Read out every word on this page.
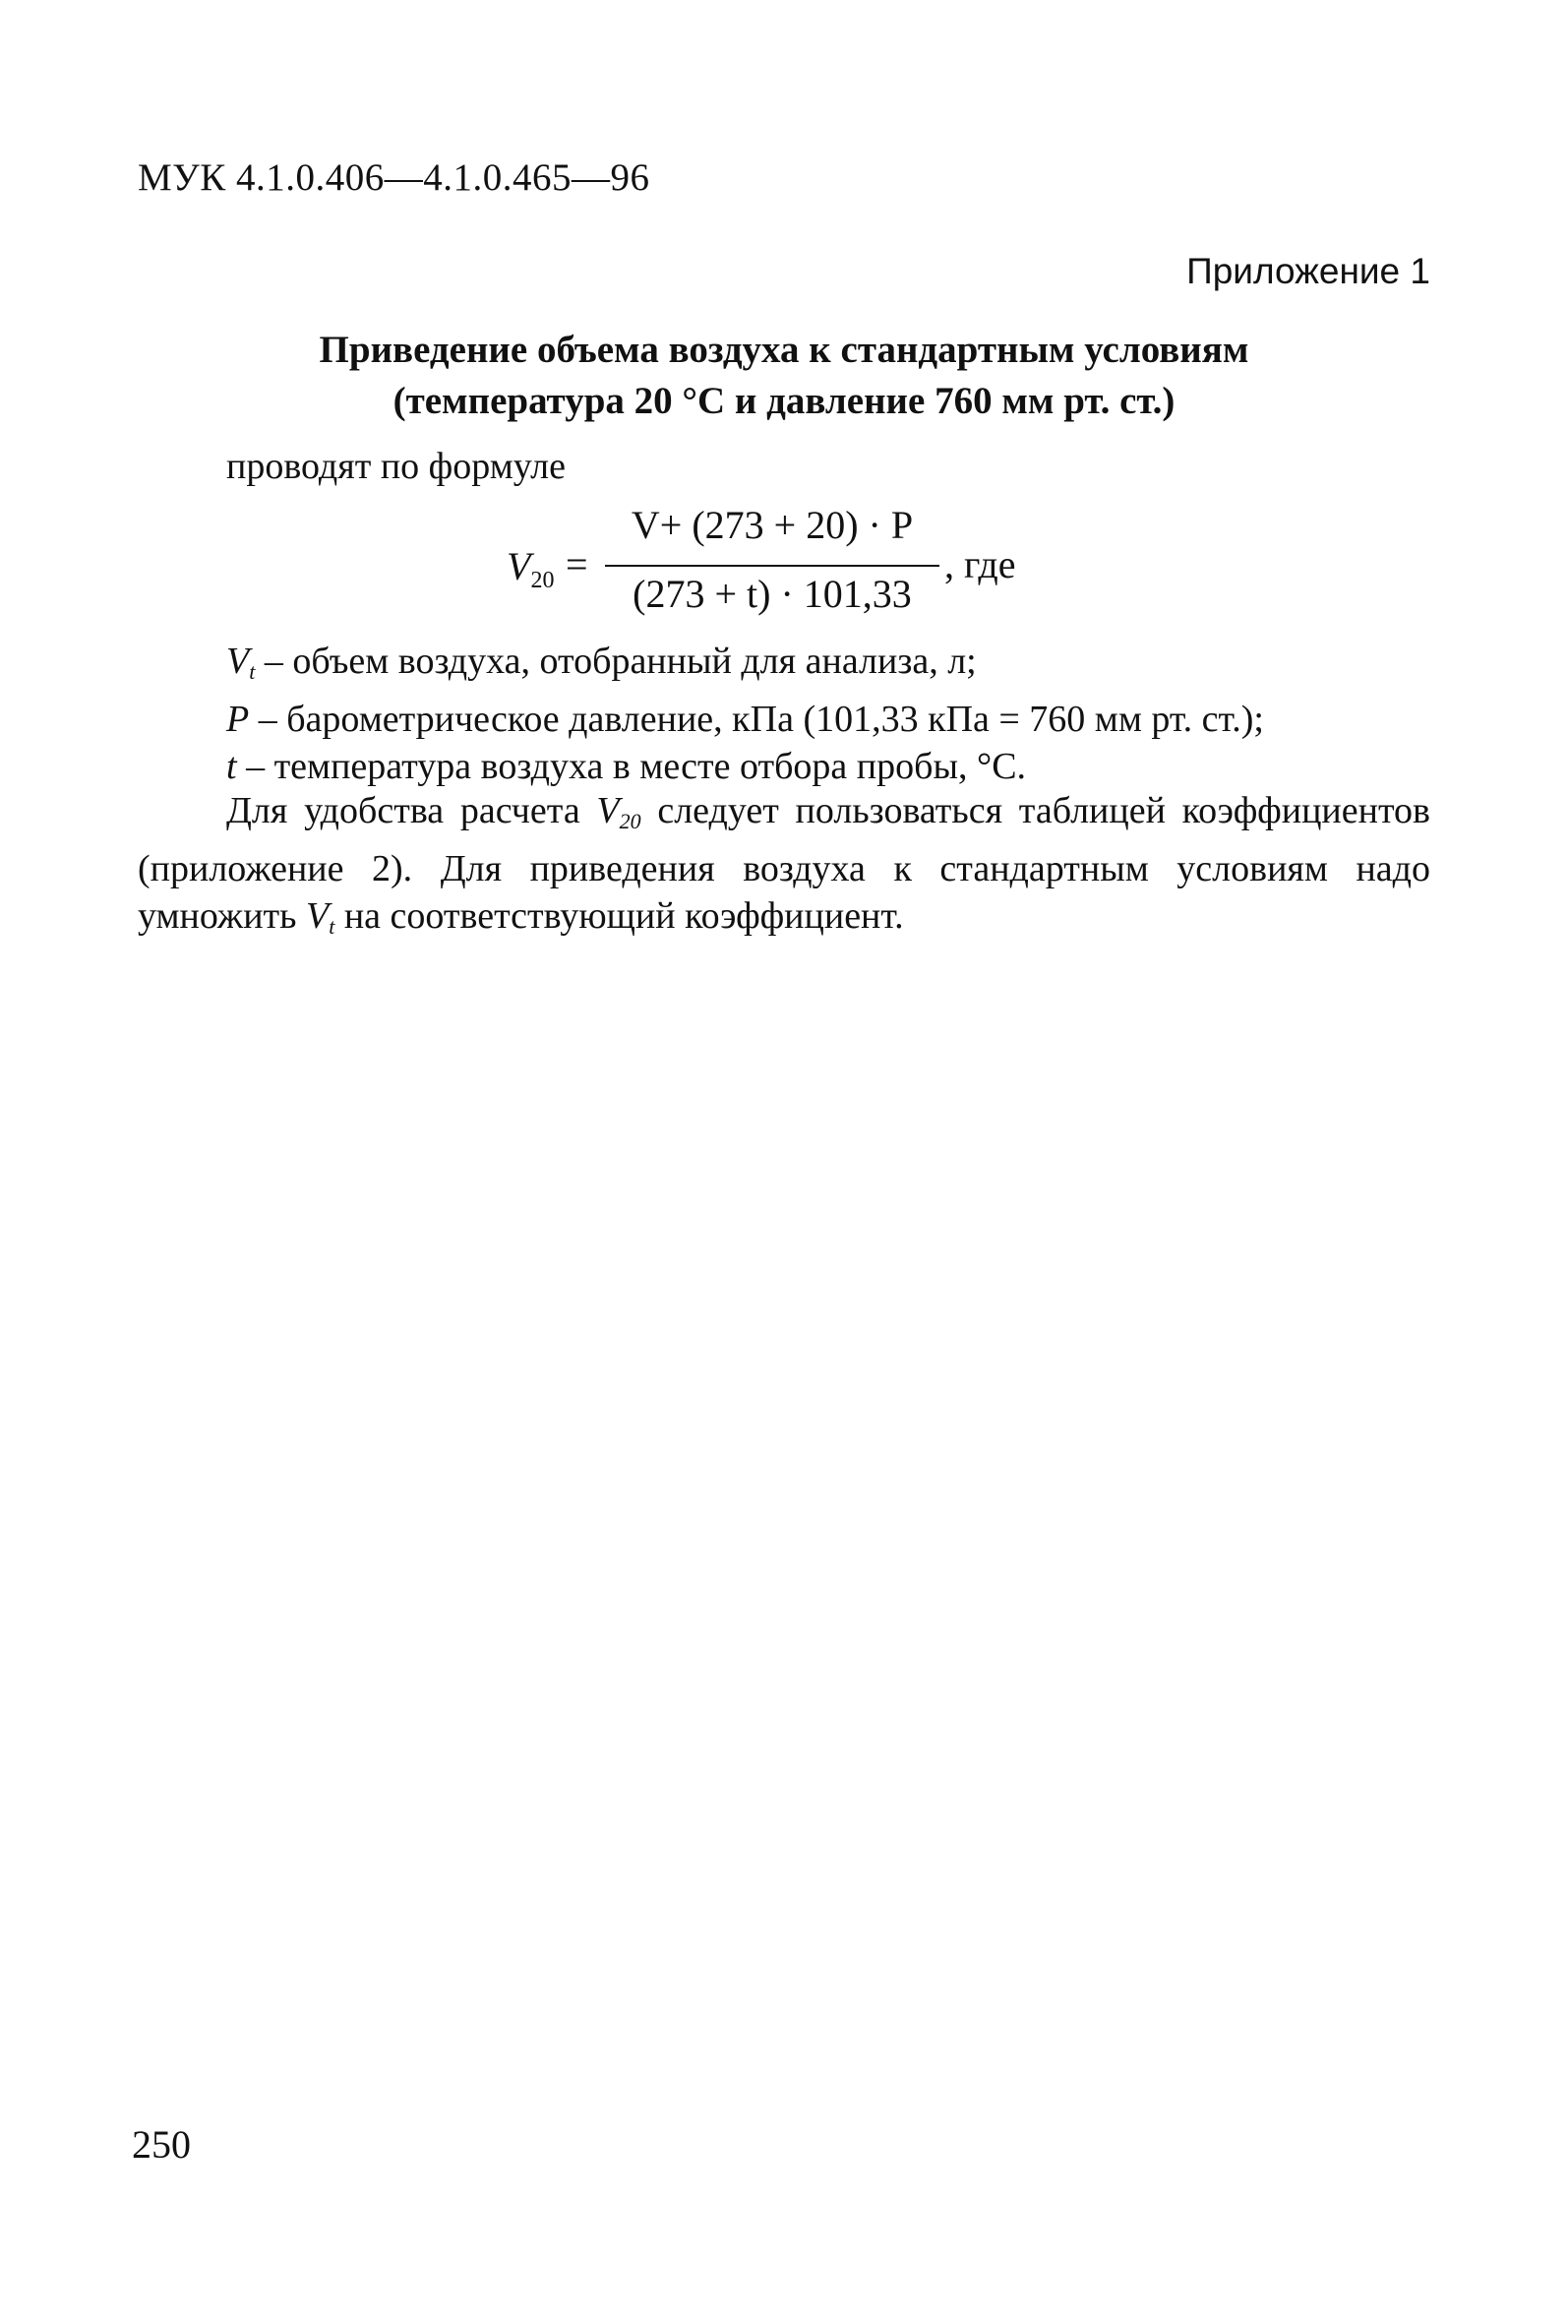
МУК 4.1.0.406—4.1.0.465—96
Приложение 1
Приведение объема воздуха к стандартным условиям
(температура 20 °С и давление 760 мм рт. ст.)
проводят по формуле
$V_{20}$ =
V+ (273 + 20) · P
(273 + t) · 101,33
, где
$V_t$ – объем воздуха, отобранный для анализа, л;
P – барометрическое давление, кПа (101,33 кПа = 760 мм рт. ст.);
t – температура воздуха в месте отбора пробы, °С.
Для удобства расчета $V_{20}$ следует пользоваться таблицей коэффициентов (приложение 2). Для приведения воздуха к стандартным условиям надо умножить $V_t$ на соответствующий коэффициент.
250
